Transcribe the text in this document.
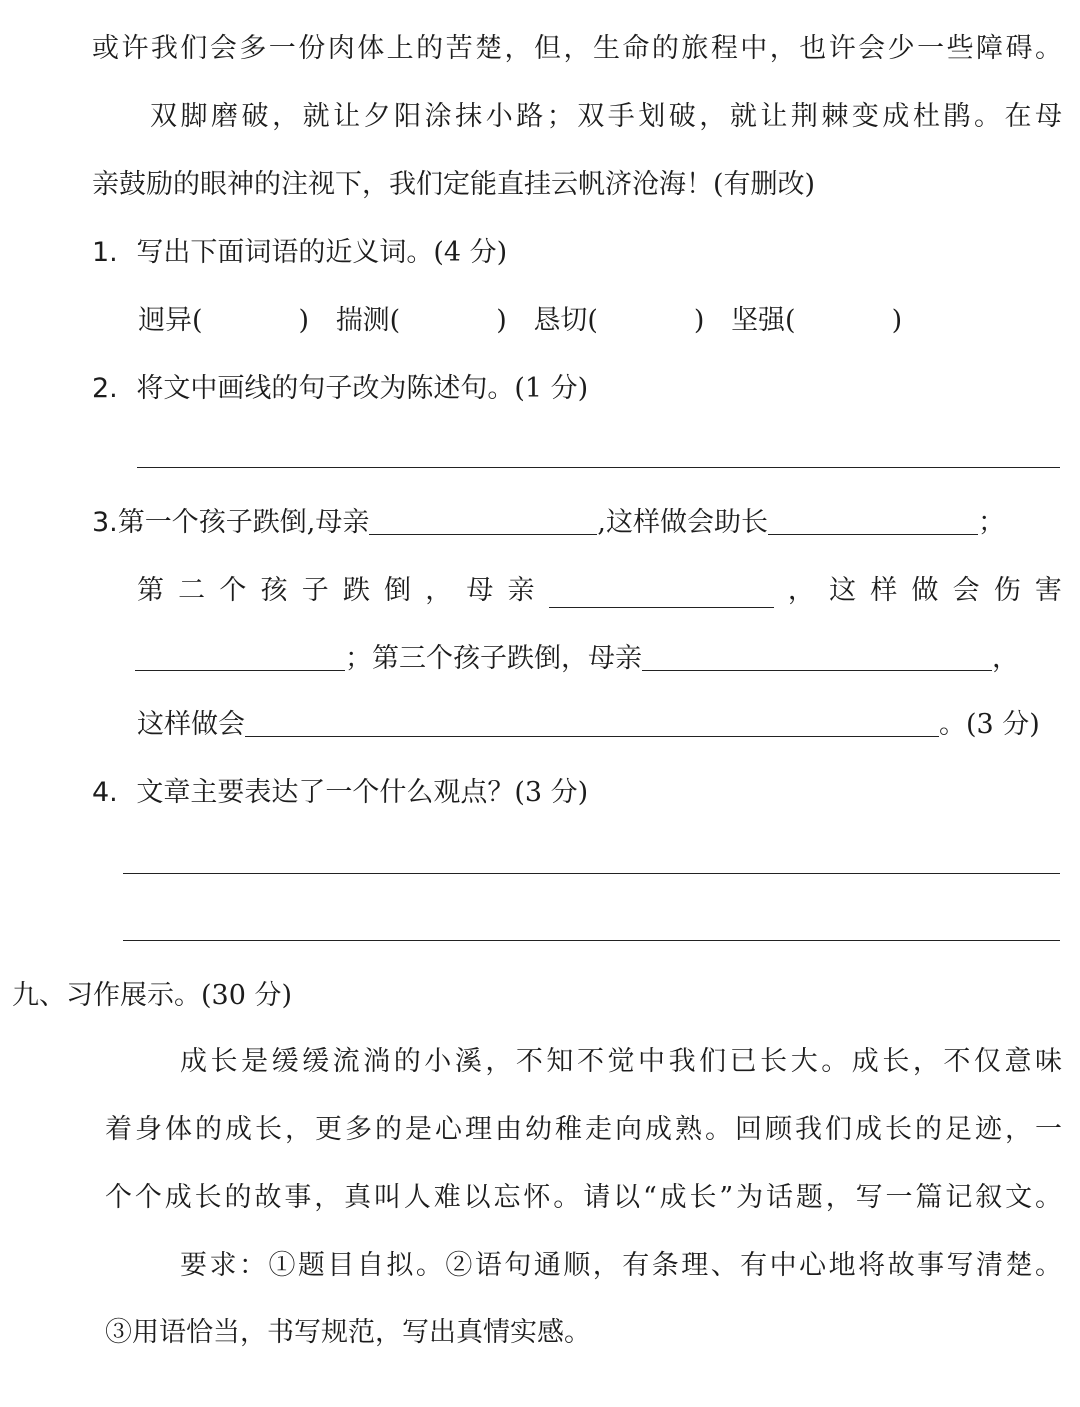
或许我们会多一份肉体上的苦楚，但，生命的旅程中，也许会少一些障碍。
双脚磨破，就让夕阳涂抹小路；双手划破，就让荆棘变成杜鹃。在母
亲鼓励的眼神的注视下，我们定能直挂云帆济沧海！(有删改)
1. 写出下面词语的近义词。(4 分)
迥异(	) 揣测(	) 恳切(	) 坚强(	)
2. 将文中画线的句子改为陈述句。(1 分)
3.第一个孩子跌倒,母亲	,这样做会助长	；
第 二 个 孩 子 跌 倒 ， 母 亲	， 这 样 做 会 伤 害
；第三个孩子跌倒，母亲	，
这样做会	。(3 分)
4. 文章主要表达了一个什么观点？(3 分)
九、习作展示。(30 分)
成长是缓缓流淌的小溪，不知不觉中我们已长大。成长，不仅意味
着身体的成长，更多的是心理由幼稚走向成熟。回顾我们成长的足迹，一
个个成长的故事，真叫人难以忘怀。请以“成长”为话题，写一篇记叙文。
要求：①题目自拟。②语句通顺，有条理、有中心地将故事写清楚。
③用语恰当，书写规范，写出真情实感。
